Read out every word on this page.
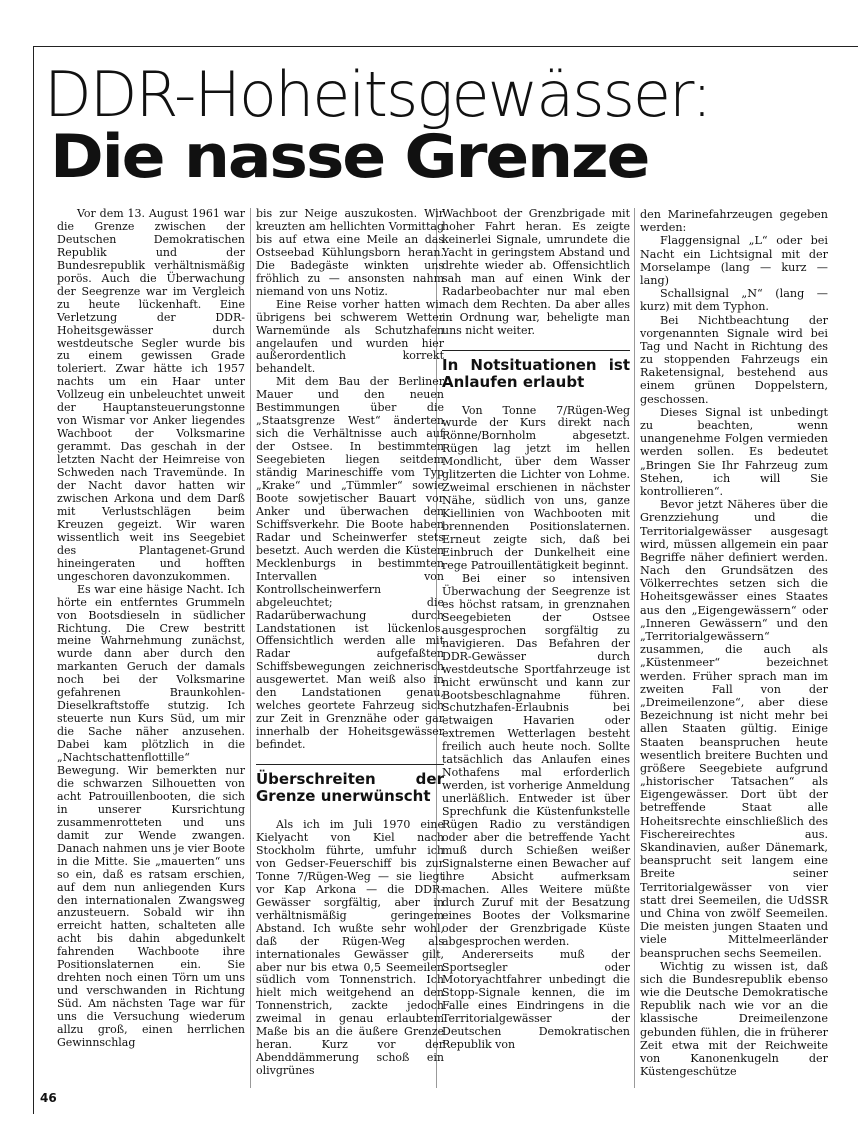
DDR-Hoheitsgewässer:
Die nasse Grenze

Vor dem 13. August 1961 war die Grenze zwischen der Deutschen Demokratischen Republik und der Bundesrepublik verhältnismäßig porös. Auch die Überwachung der Seegrenze war im Vergleich zu heute lückenhaft. Eine Verletzung der DDR-Hoheitsgewässer durch westdeutsche Segler wurde bis zu einem gewissen Grade toleriert. Zwar hätte ich 1957 nachts um ein Haar unter Vollzeug ein unbeleuchtet unweit der Hauptansteuerungstonne von Wismar vor Anker liegendes Wachboot der Volksmarine gerammt. Das geschah in der letzten Nacht der Heimreise von Schweden nach Travemünde. In der Nacht davor hatten wir zwischen Arkona und dem Darß mit Verlustschlägen beim Kreuzen gegeizt. Wir waren wissentlich weit ins Seegebiet des Plantagenet-Grund hineingeraten und hofften ungeschoren davonzukommen.

Es war eine häsige Nacht. Ich hörte ein entferntes Grummeln von Bootsdieseln in südlicher Richtung. Die Crew bestritt meine Wahrnehmung zunächst, wurde dann aber durch den markanten Geruch der damals noch bei der Volksmarine gefahrenen Braunkohlen-Dieselkraftstoffe stutzig. Ich steuerte nun Kurs Süd, um mir die Sache näher anzusehen. Dabei kam plötzlich in die „Nachtschattenflottille“ Bewegung. Wir bemerkten nur die schwarzen Silhouetten von acht Patrouillenbooten, die sich in unserer Kursrichtung zusammenrotteten und uns damit zur Wende zwangen. Danach nahmen uns je vier Boote in die Mitte. Sie „mauerten“ uns so ein, daß es ratsam erschien, auf dem nun anliegenden Kurs den internationalen Zwangsweg anzusteuern. Sobald wir ihn erreicht hatten, schalteten alle acht bis dahin abgedunkelt fahrenden Wachboote ihre Positionslaternen ein. Sie drehten noch einen Törn um uns und verschwanden in Richtung Süd. Am nächsten Tage war für uns die Versuchung wiederum allzu groß, einen herrlichen Gewinnschlag

bis zur Neige auszukosten. Wir kreuzten am hellichten Vormittag bis auf etwa eine Meile an das Ostseebad Kühlungsborn heran. Die Badegäste winkten uns fröhlich zu — ansonsten nahm niemand von uns Notiz.

Eine Reise vorher hatten wir übrigens bei schwerem Wetter Warnemünde als Schutzhafen angelaufen und wurden hier außerordentlich korrekt behandelt.

Mit dem Bau der Berliner Mauer und den neuen Bestimmungen über die „Staatsgrenze West“ änderten sich die Verhältnisse auch auf der Ostsee. In bestimmten Seegebieten liegen seitdem ständig Marineschiffe vom Typ „Krake“ und „Tümmler“ sowie Boote sowjetischer Bauart vor Anker und überwachen den Schiffsverkehr. Die Boote haben Radar und Scheinwerfer stets besetzt. Auch werden die Küsten Mecklenburgs in bestimmten Intervallen von Kontrollscheinwerfern abgeleuchtet; die Radarüberwachung durch Landstationen ist lückenlos. Offensichtlich werden alle mit Radar aufgefaßten Schiffsbewegungen zeichnerisch ausgewertet. Man weiß also in den Landstationen genau, welches geortete Fahrzeug sich zur Zeit in Grenznähe oder gar innerhalb der Hoheitsgewässer befindet.

Überschreiten der Grenze unerwünscht

Als ich im Juli 1970 eine Kielyacht von Kiel nach Stockholm führte, umfuhr ich von Gedser-Feuerschiff bis zur Tonne 7/Rügen-Weg — sie liegt vor Kap Arkona — die DDR-Gewässer sorgfältig, aber in verhältnismäßig geringem Abstand. Ich wußte sehr wohl, daß der Rügen-Weg als internationales Gewässer gilt, aber nur bis etwa 0,5 Seemeilen südlich vom Tonnenstrich. Ich hielt mich weitgehend an den Tonnenstrich, zackte jedoch zweimal in genau erlaubtem Maße bis an die äußere Grenze heran. Kurz vor der Abenddämmerung schoß ein olivgrünes

Wachboot der Grenzbrigade mit hoher Fahrt heran. Es zeigte keinerlei Signale, umrundete die Yacht in geringstem Abstand und drehte wieder ab. Offensichtlich sah man auf einen Wink der Radarbeobachter nur mal eben nach dem Rechten. Da aber alles in Ordnung war, beheligte man uns nicht weiter.

In Notsituationen ist Anlaufen erlaubt

Von Tonne 7/Rügen-Weg wurde der Kurs direkt nach Rönne/Bornholm abgesetzt. Rügen lag jetzt im hellen Mondlicht, über dem Wasser glitzerten die Lichter von Lohme. Zweimal erschienen in nächster Nähe, südlich von uns, ganze Kiellinien von Wachbooten mit brennenden Positionslaternen. Erneut zeigte sich, daß bei Einbruch der Dunkelheit eine rege Patrouillentätigkeit beginnt.

Bei einer so intensiven Überwachung der Seegrenze ist es höchst ratsam, in grenznahen Seegebieten der Ostsee ausgesprochen sorgfältig zu navigieren. Das Befahren der DDR-Gewässer durch westdeutsche Sportfahrzeuge ist nicht erwünscht und kann zur Bootsbeschlagnahme führen. Schutzhafen-Erlaubnis bei etwaigen Havarien oder extremen Wetterlagen besteht freilich auch heute noch. Sollte tatsächlich das Anlaufen eines Nothafens mal erforderlich werden, ist vorherige Anmeldung unerläßlich. Entweder ist über Sprechfunk die Küstenfunkstelle Rügen Radio zu verständigen oder aber die betreffende Yacht muß durch Schießen weißer Signalsterne einen Bewacher auf ihre Absicht aufmerksam machen. Alles Weitere müßte durch Zuruf mit der Besatzung eines Bootes der Volksmarine oder der Grenzbrigade Küste abgesprochen werden.

Andererseits muß der Sportsegler oder Motoryachtfahrer unbedingt die Stopp-Signale kennen, die im Falle eines Eindringens in die Territorialgewässer der Deutschen Demokratischen Republik von

den Marinefahrzeugen gegeben werden:

Flaggensignal „L“ oder bei Nacht ein Lichtsignal mit der Morselampe (lang — kurz — lang)

Schallsignal „N“ (lang — kurz) mit dem Typhon.

Bei Nichtbeachtung der vorgenannten Signale wird bei Tag und Nacht in Richtung des zu stoppenden Fahrzeugs ein Raketensignal, bestehend aus einem grünen Doppelstern, geschossen.

Dieses Signal ist unbedingt zu beachten, wenn unangenehme Folgen vermieden werden sollen. Es bedeutet „Bringen Sie Ihr Fahrzeug zum Stehen, ich will Sie kontrollieren“.

Bevor jetzt Näheres über die Grenzziehung und die Territorialgewässer ausgesagt wird, müssen allgemein ein paar Begriffe näher definiert werden. Nach den Grundsätzen des Völkerrechtes setzen sich die Hoheitsgewässer eines Staates aus den „Eigengewässern“ oder „Inneren Gewässern“ und den „Territorialgewässern“ zusammen, die auch als „Küstenmeer“ bezeichnet werden. Früher sprach man im zweiten Fall von der „Dreimeilenzone“, aber diese Bezeichnung ist nicht mehr bei allen Staaten gültig. Einige Staaten beanspruchen heute wesentlich breitere Buchten und größere Seegebiete aufgrund „historischer Tatsachen“ als Eigengewässer. Dort übt der betreffende Staat alle Hoheitsrechte einschließlich des Fischereirechtes aus. Skandinavien, außer Dänemark, beansprucht seit langem eine Breite seiner Territorialgewässer von vier statt drei Seemeilen, die UdSSR und China von zwölf Seemeilen. Die meisten jungen Staaten und viele Mittelmeerländer beanspruchen sechs Seemeilen.

Wichtig zu wissen ist, daß sich die Bundesrepublik ebenso wie die Deutsche Demokratische Republik nach wie vor an die klassische Dreimeilenzone gebunden fühlen, die in früherer Zeit etwa mit der Reichweite von Kanonenkugeln der Küstengeschütze

46
